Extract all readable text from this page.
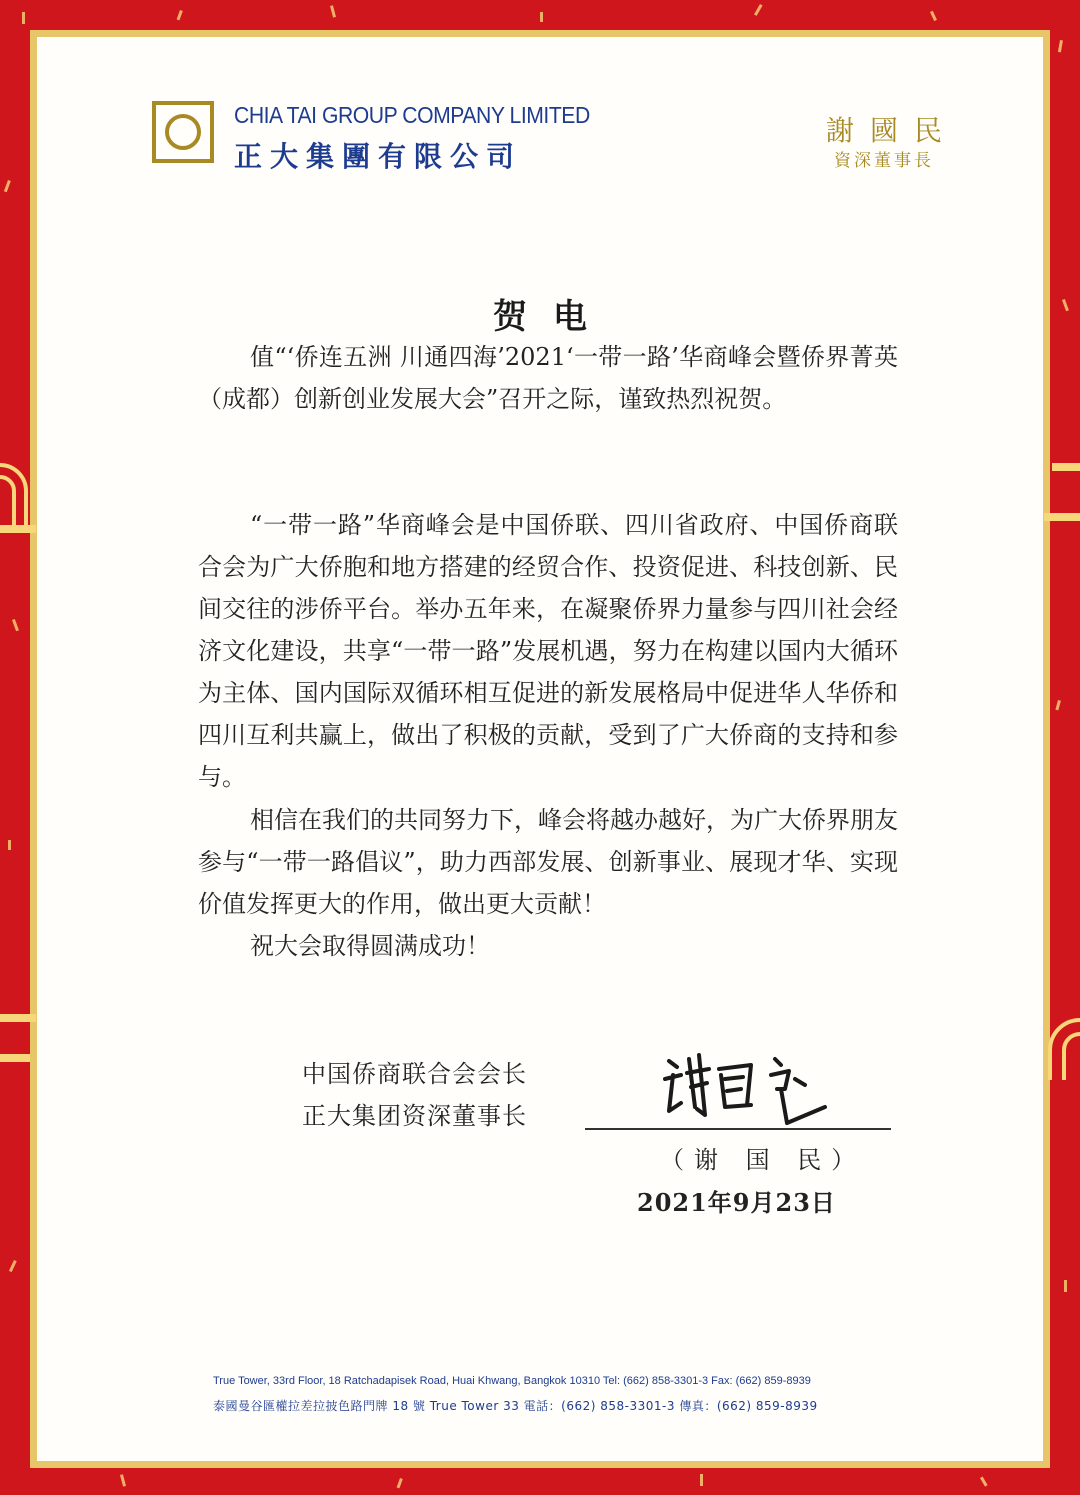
CHIA TAI GROUP COMPANY LIMITED
正大集團有限公司
謝國民
資深董事長
贺电

值“‘侨连五洲 川通四海’2021‘一带一路’华商峰会暨侨界菁英（成都）创新创业发展大会”召开之际，谨致热烈祝贺。

“一带一路”华商峰会是中国侨联、四川省政府、中国侨商联合会为广大侨胞和地方搭建的经贸合作、投资促进、科技创新、民间交往的涉侨平台。举办五年来，在凝聚侨界力量参与四川社会经济文化建设，共享“一带一路”发展机遇，努力在构建以国内大循环为主体、国内国际双循环相互促进的新发展格局中促进华人华侨和四川互利共赢上，做出了积极的贡献，受到了广大侨商的支持和参与。

相信在我们的共同努力下，峰会将越办越好，为广大侨界朋友参与“一带一路倡议”，助力西部发展、创新事业、展现才华、实现价值发挥更大的作用，做出更大贡献！

祝大会取得圆满成功！

中国侨商联合会会长
正大集团资深董事长
（谢 国 民）
2021年9月23日
True Tower, 33rd Floor, 18 Ratchadapisek Road, Huai Khwang, Bangkok 10310 Tel: (662) 858-3301-3 Fax: (662) 859-8939
泰國曼谷匯權拉差拉披色路門牌 18 號 True Tower 33 電話：(662) 858-3301-3 傳真：(662) 859-8939
